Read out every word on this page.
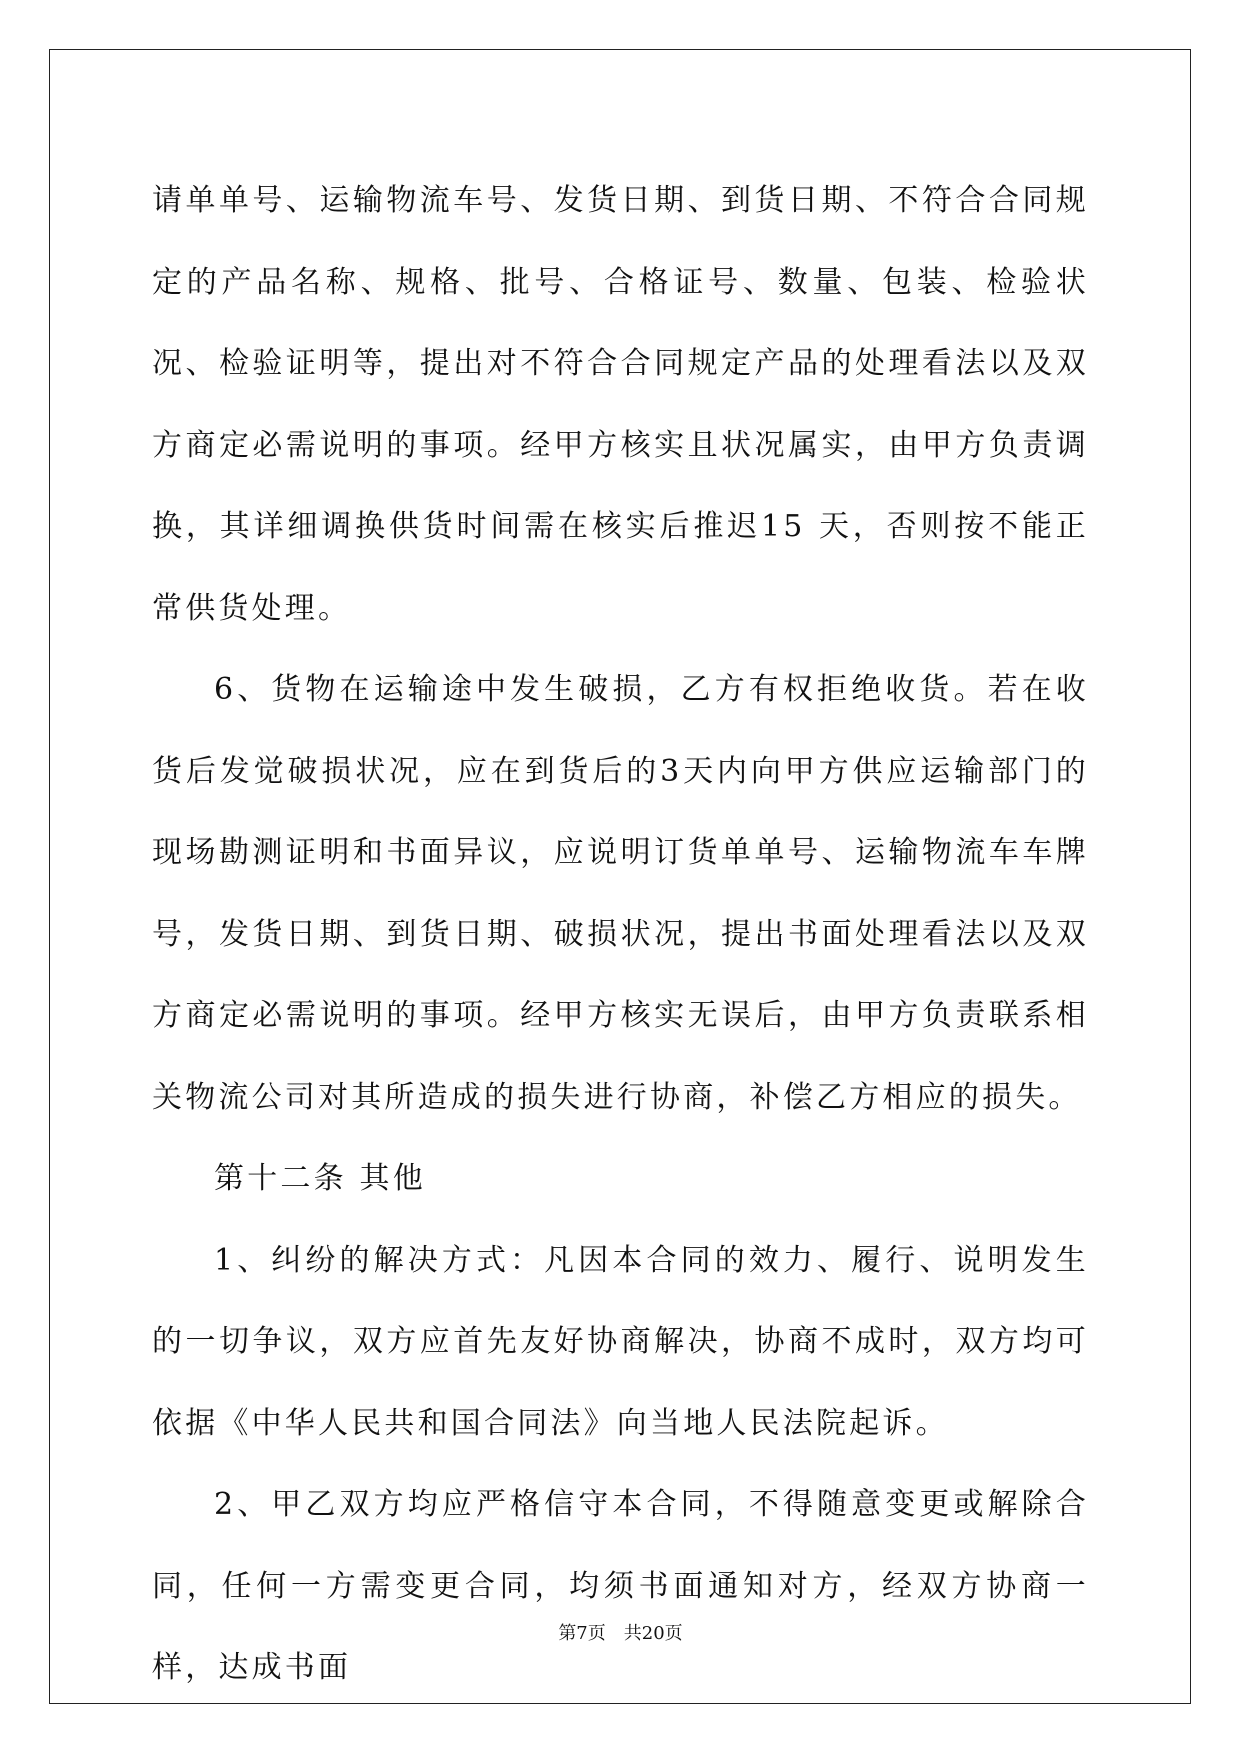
请单单号、运输物流车号、发货日期、到货日期、不符合合同规定的产品名称、规格、批号、合格证号、数量、包装、检验状况、检验证明等，提出对不符合合同规定产品的处理看法以及双方商定必需说明的事项。经甲方核实且状况属实，由甲方负责调换，其详细调换供货时间需在核实后推迟15 天，否则按不能正常供货处理。

6、货物在运输途中发生破损，乙方有权拒绝收货。若在收货后发觉破损状况，应在到货后的3天内向甲方供应运输部门的现场勘测证明和书面异议，应说明订货单单号、运输物流车车牌号，发货日期、到货日期、破损状况，提出书面处理看法以及双方商定必需说明的事项。经甲方核实无误后，由甲方负责联系相关物流公司对其所造成的损失进行协商，补偿乙方相应的损失。

第十二条 其他

1、纠纷的解决方式：凡因本合同的效力、履行、说明发生的一切争议，双方应首先友好协商解决，协商不成时，双方均可依据《中华人民共和国合同法》向当地人民法院起诉。

2、甲乙双方均应严格信守本合同，不得随意变更或解除合同，任何一方需变更合同，均须书面通知对方，经双方协商一样，达成书面

第7页 共20页
